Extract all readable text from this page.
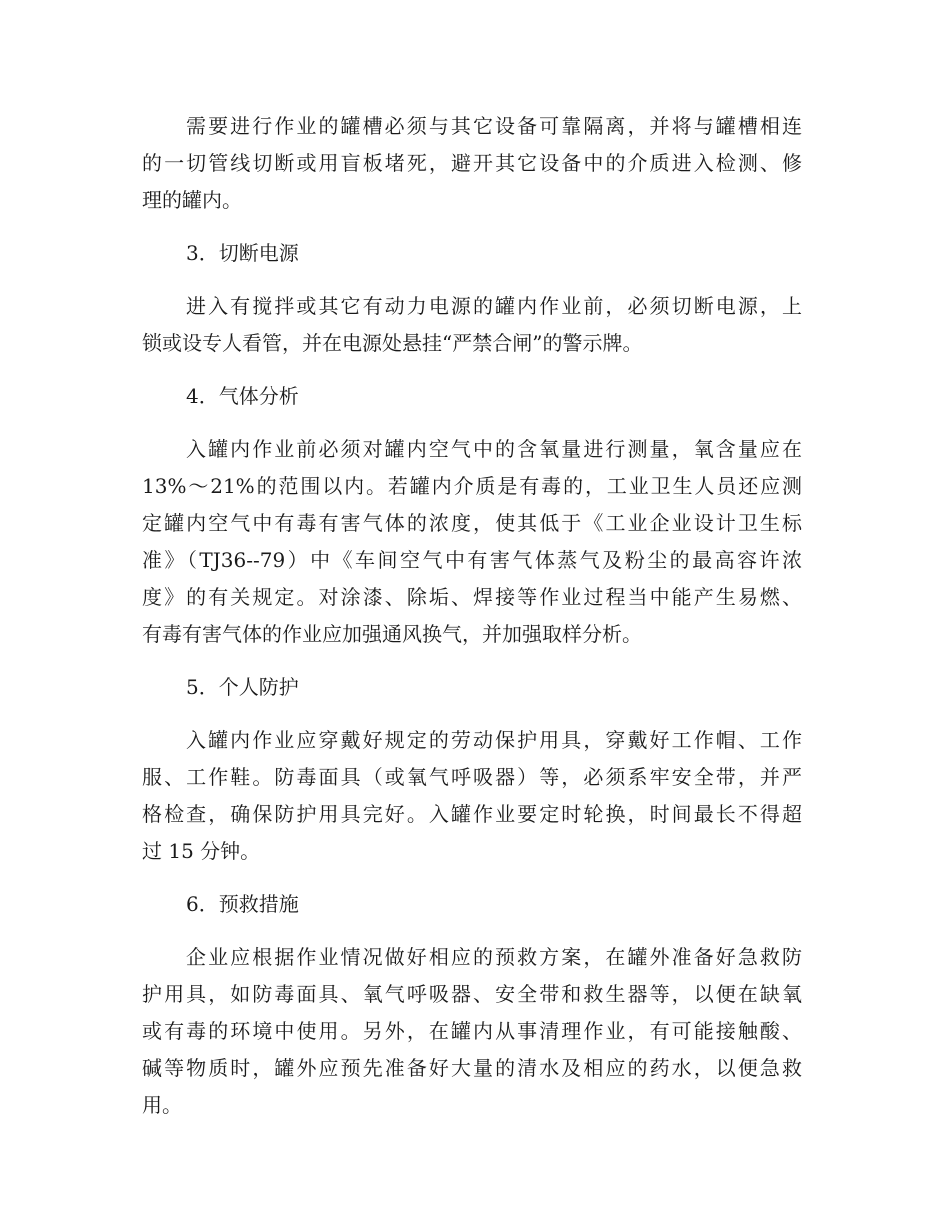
需要进行作业的罐槽必须与其它设备可靠隔离，并将与罐槽相连
的一切管线切断或用盲板堵死，避开其它设备中的介质进入检测、修
理的罐内。
3．切断电源
进入有搅拌或其它有动力电源的罐内作业前，必须切断电源，上
锁或设专人看管，并在电源处悬挂“严禁合闸”的警示牌。
4．气体分析
入罐内作业前必须对罐内空气中的含氧量进行测量，氧含量应在
13%～21%的范围以内。若罐内介质是有毒的，工业卫生人员还应测
定罐内空气中有毒有害气体的浓度，使其低于《工业企业设计卫生标
准》（TJ36--79）中《车间空气中有害气体蒸气及粉尘的最高容许浓
度》的有关规定。对涂漆、除垢、焊接等作业过程当中能产生易燃、
有毒有害气体的作业应加强通风换气，并加强取样分析。
5．个人防护
入罐内作业应穿戴好规定的劳动保护用具，穿戴好工作帽、工作
服、工作鞋。防毒面具（或氧气呼吸器）等，必须系牢安全带，并严
格检查，确保防护用具完好。入罐作业要定时轮换，时间最长不得超
过 15 分钟。
6．预救措施
企业应根据作业情况做好相应的预救方案，在罐外准备好急救防
护用具，如防毒面具、氧气呼吸器、安全带和救生器等，以便在缺氧
或有毒的环境中使用。另外，在罐内从事清理作业，有可能接触酸、
碱等物质时，罐外应预先准备好大量的清水及相应的药水，以便急救
用。
